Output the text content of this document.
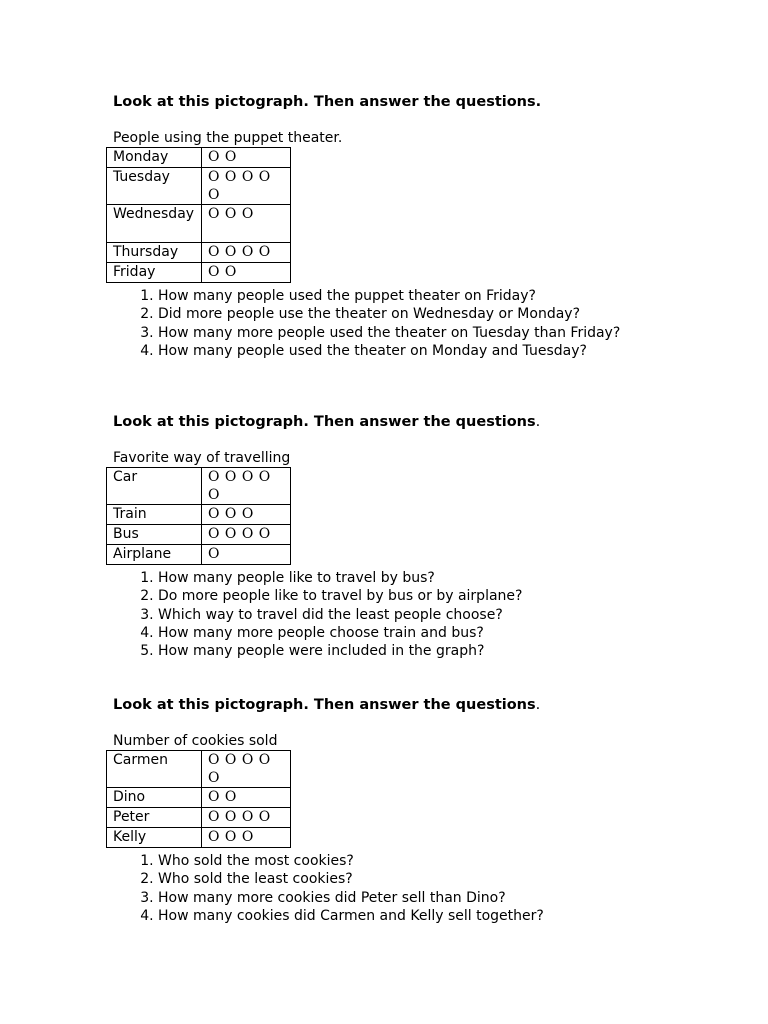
Look at this pictograph. Then answer the questions.

People using the puppet theater.

Monday	O O
Tuesday	O O O O O
Wednesday	O O O
Thursday	O O O O
Friday	O O
1. How many people used the puppet theater on Friday?
2. Did more people use the theater on Wednesday or Monday?
3. How many more people used the theater on Tuesday than Friday?
4. How many people used the theater on Monday and Tuesday?

Look at this pictograph. Then answer the questions.

Favorite way of travelling

Car	O O O O O
Train	O O O
Bus	O O O O
Airplane	O
1. How many people like to travel by bus?
2. Do more people like to travel by bus or by airplane?
3. Which way to travel did the least people choose?
4. How many more people choose train and bus?
5. How many people were included in the graph?

Look at this pictograph. Then answer the questions.

Number of cookies sold

Carmen	O O O O O
Dino	O O
Peter	O O O O
Kelly	O O O
1. Who sold the most cookies?
2. Who sold the least cookies?
3. How many more cookies did Peter sell than Dino?
4. How many cookies did Carmen and Kelly sell together?
